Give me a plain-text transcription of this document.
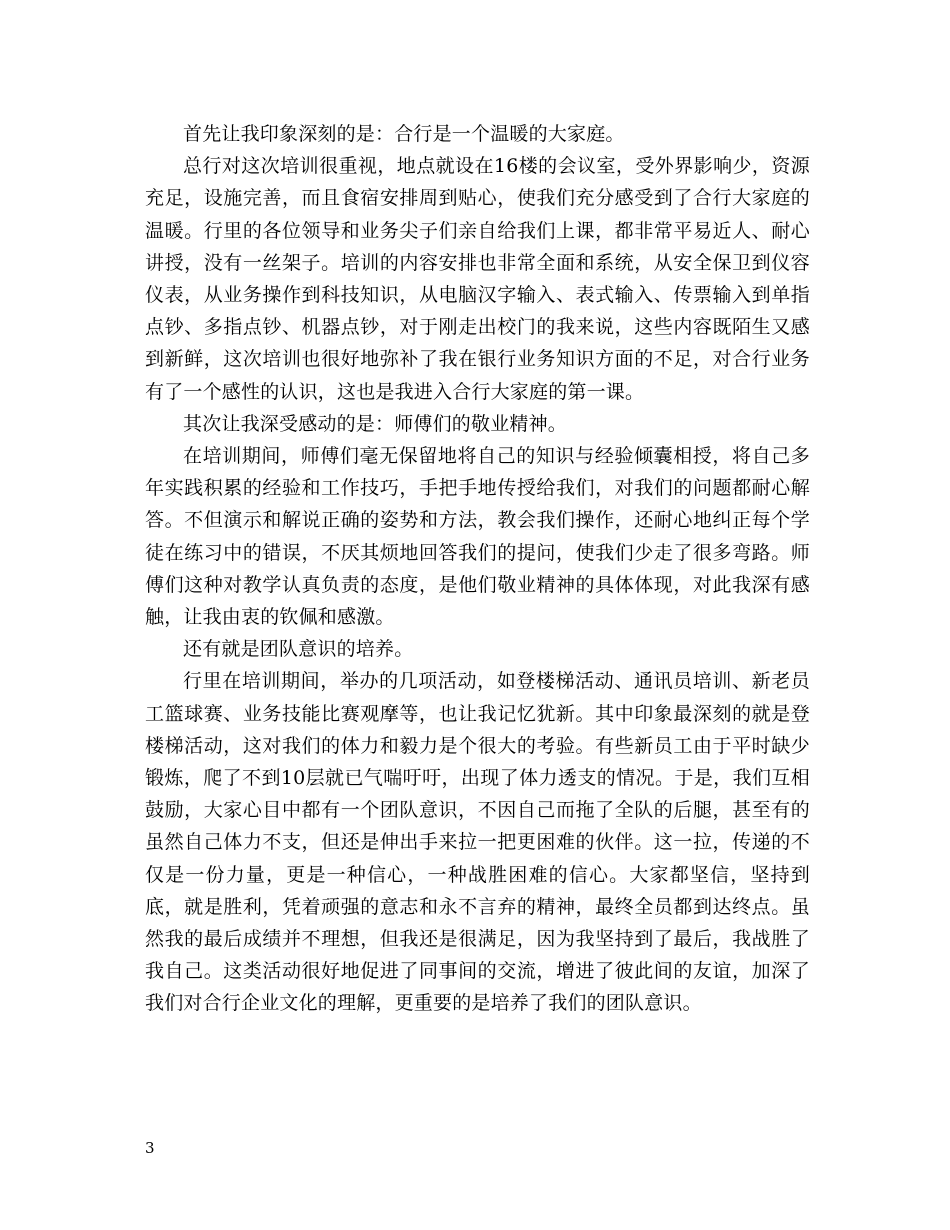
首先让我印象深刻的是：合行是一个温暖的大家庭。

总行对这次培训很重视，地点就设在16楼的会议室，受外界影响少，资源充足，设施完善，而且食宿安排周到贴心，使我们充分感受到了合行大家庭的温暖。行里的各位领导和业务尖子们亲自给我们上课，都非常平易近人、耐心讲授，没有一丝架子。培训的内容安排也非常全面和系统，从安全保卫到仪容仪表，从业务操作到科技知识，从电脑汉字输入、表式输入、传票输入到单指点钞、多指点钞、机器点钞，对于刚走出校门的我来说，这些内容既陌生又感到新鲜，这次培训也很好地弥补了我在银行业务知识方面的不足，对合行业务有了一个感性的认识，这也是我进入合行大家庭的第一课。

其次让我深受感动的是：师傅们的敬业精神。

在培训期间，师傅们毫无保留地将自己的知识与经验倾囊相授，将自己多年实践积累的经验和工作技巧，手把手地传授给我们，对我们的问题都耐心解答。不但演示和解说正确的姿势和方法，教会我们操作，还耐心地纠正每个学徒在练习中的错误，不厌其烦地回答我们的提问，使我们少走了很多弯路。师傅们这种对教学认真负责的态度，是他们敬业精神的具体体现，对此我深有感触，让我由衷的钦佩和感激。

还有就是团队意识的培养。

行里在培训期间，举办的几项活动，如登楼梯活动、通讯员培训、新老员工篮球赛、业务技能比赛观摩等，也让我记忆犹新。其中印象最深刻的就是登楼梯活动，这对我们的体力和毅力是个很大的考验。有些新员工由于平时缺少锻炼，爬了不到10层就已气喘吁吁，出现了体力透支的情况。于是，我们互相鼓励，大家心目中都有一个团队意识，不因自己而拖了全队的后腿，甚至有的虽然自己体力不支，但还是伸出手来拉一把更困难的伙伴。这一拉，传递的不仅是一份力量，更是一种信心，一种战胜困难的信心。大家都坚信，坚持到底，就是胜利，凭着顽强的意志和永不言弃的精神，最终全员都到达终点。虽然我的最后成绩并不理想，但我还是很满足，因为我坚持到了最后，我战胜了我自己。这类活动很好地促进了同事间的交流，增进了彼此间的友谊，加深了我们对合行企业文化的理解，更重要的是培养了我们的团队意识。

3
